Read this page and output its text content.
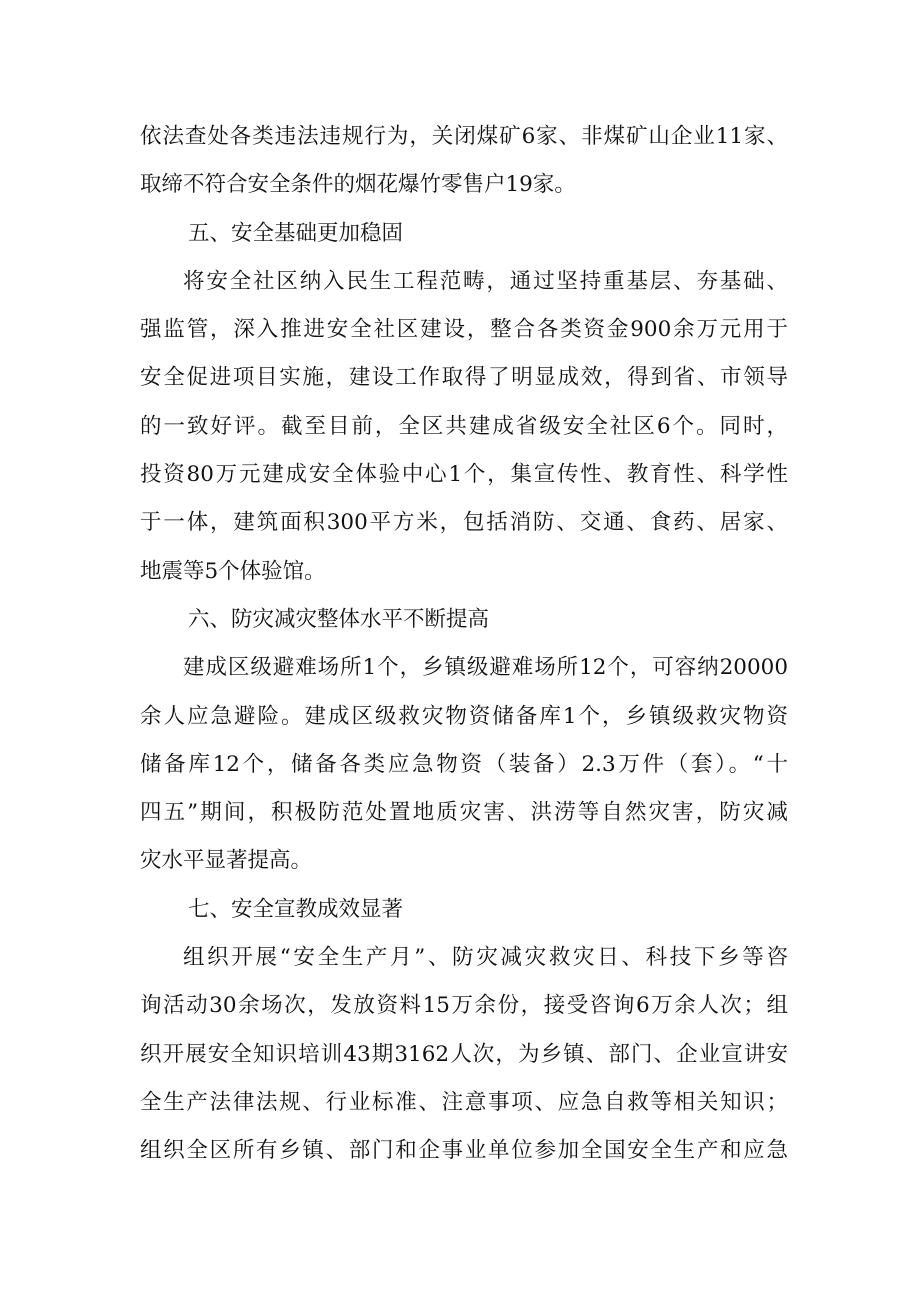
依法查处各类违法违规行为，关闭煤矿6家、非煤矿山企业11家、
取缔不符合安全条件的烟花爆竹零售户19家。
五、安全基础更加稳固
将安全社区纳入民生工程范畴，通过坚持重基层、夯基础、
强监管，深入推进安全社区建设，整合各类资金900余万元用于
安全促进项目实施，建设工作取得了明显成效，得到省、市领导
的一致好评。截至目前，全区共建成省级安全社区6个。同时，
投资80万元建成安全体验中心1个，集宣传性、教育性、科学性
于一体，建筑面积300平方米，包括消防、交通、食药、居家、
地震等5个体验馆。
六、防灾减灾整体水平不断提高
建成区级避难场所1个，乡镇级避难场所12个，可容纳20000
余人应急避险。建成区级救灾物资储备库1个，乡镇级救灾物资
储备库12个，储备各类应急物资（装备）2.3万件（套）。“十
四五”期间，积极防范处置地质灾害、洪涝等自然灾害，防灾减
灾水平显著提高。
七、安全宣教成效显著
组织开展“安全生产月”、防灾减灾救灾日、科技下乡等咨
询活动30余场次，发放资料15万余份，接受咨询6万余人次；组
织开展安全知识培训43期3162人次，为乡镇、部门、企业宣讲安
全生产法律法规、行业标准、注意事项、应急自救等相关知识；
组织全区所有乡镇、部门和企事业单位参加全国安全生产和应急
